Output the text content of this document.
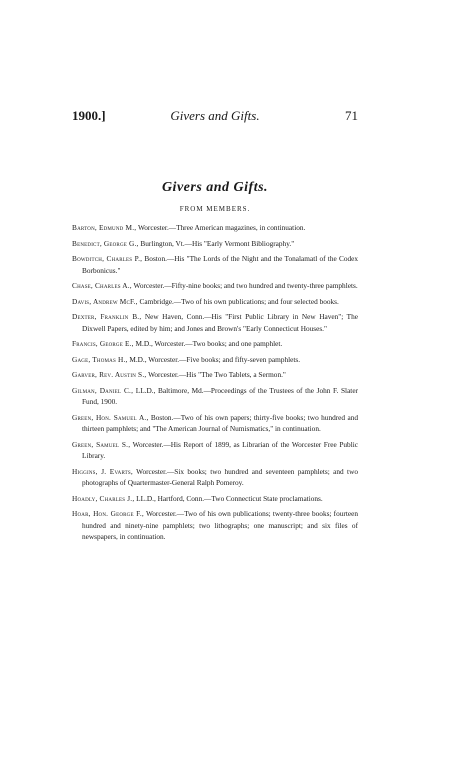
1900.]	Givers and Gifts.	71
Givers and Gifts.
FROM MEMBERS.

Barton, Edmund M., Worcester.—Three American magazines, in continuation.

Benedict, George G., Burlington, Vt.—His "Early Vermont Bibliography."

Bowditch, Charles P., Boston.—His "The Lords of the Night and the Tonalamatl of the Codex Borbonicus."

Chase, Charles A., Worcester.—Fifty-nine books; and two hundred and twenty-three pamphlets.

Davis, Andrew McF., Cambridge.—Two of his own publications; and four selected books.

Dexter, Franklin B., New Haven, Conn.—His "First Public Library in New Haven"; The Dixwell Papers, edited by him; and Jones and Brown's "Early Connecticut Houses."

Francis, George E., M.D., Worcester.—Two books; and one pamphlet.

Gage, Thomas H., M.D., Worcester.—Five books; and fifty-seven pamphlets.

Garver, Rev. Austin S., Worcester.—His "The Two Tablets, a Sermon."

Gilman, Daniel C., LL.D., Baltimore, Md.—Proceedings of the Trustees of the John F. Slater Fund, 1900.

Green, Hon. Samuel A., Boston.—Two of his own papers; thirty-five books; two hundred and thirteen pamphlets; and "The American Journal of Numismatics," in continuation.

Green, Samuel S., Worcester.—His Report of 1899, as Librarian of the Worcester Free Public Library.

Higgins, J. Evarts, Worcester.—Six books; two hundred and seventeen pamphlets; and two photographs of Quartermaster-General Ralph Pomeroy.

Hoadly, Charles J., LL.D., Hartford, Conn.—Two Connecticut State proclamations.

Hoar, Hon. George F., Worcester.—Two of his own publications; twenty-three books; fourteen hundred and ninety-nine pamphlets; two lithographs; one manuscript; and six files of newspapers, in continuation.
